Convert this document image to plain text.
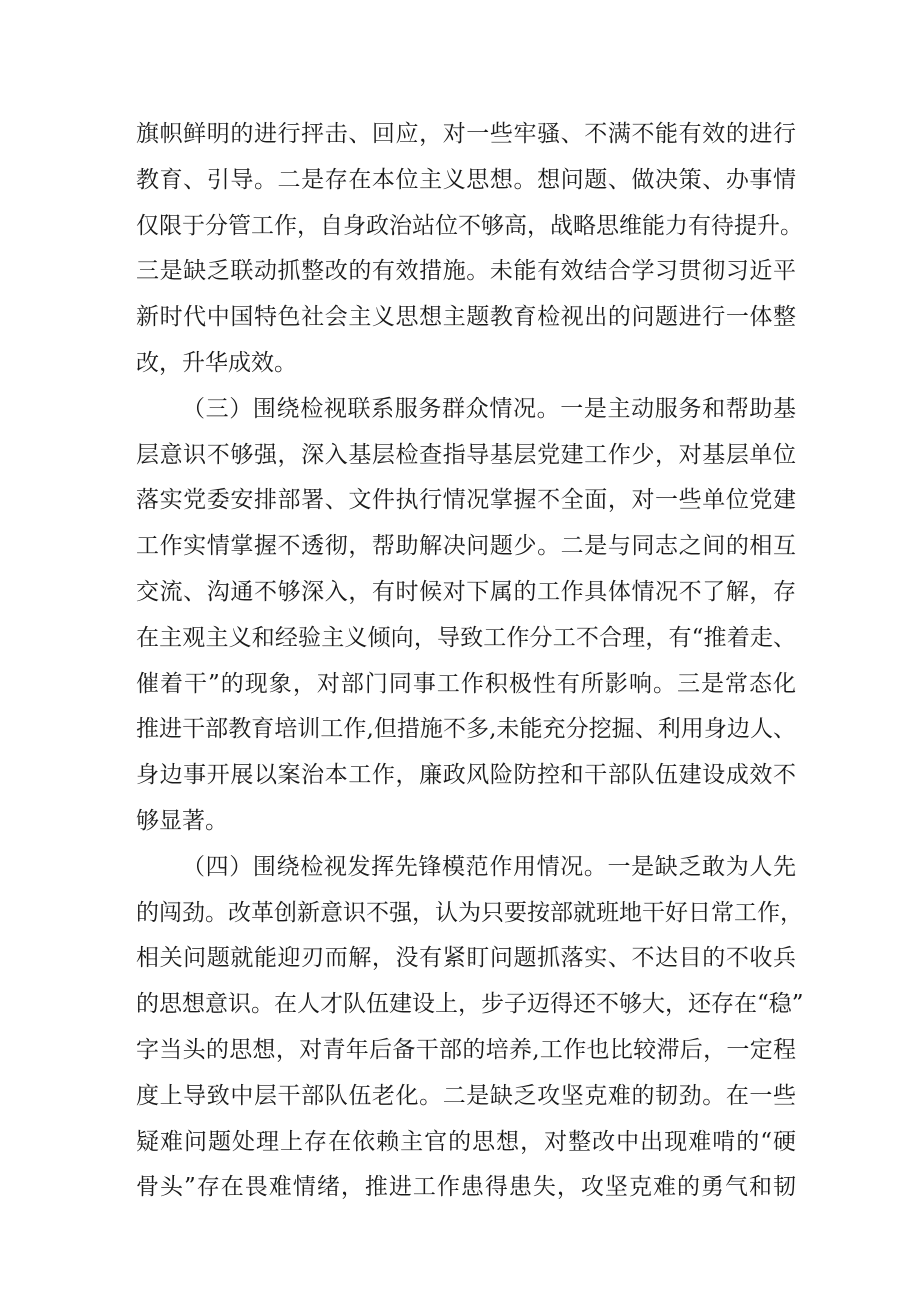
旗帜鲜明的进行抨击、回应，对一些牢骚、不满不能有效的进行
教育、引导。二是存在本位主义思想。想问题、做决策、办事情
仅限于分管工作，自身政治站位不够高，战略思维能力有待提升。
三是缺乏联动抓整改的有效措施。未能有效结合学习贯彻习近平
新时代中国特色社会主义思想主题教育检视出的问题进行一体整
改，升华成效。
（三）围绕检视联系服务群众情况。一是主动服务和帮助基
层意识不够强，深入基层检查指导基层党建工作少，对基层单位
落实党委安排部署、文件执行情况掌握不全面，对一些单位党建
工作实情掌握不透彻，帮助解决问题少。二是与同志之间的相互
交流、沟通不够深入，有时候对下属的工作具体情况不了解，存
在主观主义和经验主义倾向，导致工作分工不合理，有“推着走、
催着干”的现象，对部门同事工作积极性有所影响。三是常态化
推进干部教育培训工作,但措施不多,未能充分挖掘、利用身边人、
身边事开展以案治本工作，廉政风险防控和干部队伍建设成效不
够显著。
（四）围绕检视发挥先锋模范作用情况。一是缺乏敢为人先
的闯劲。改革创新意识不强，认为只要按部就班地干好日常工作，
相关问题就能迎刃而解，没有紧盯问题抓落实、不达目的不收兵
的思想意识。在人才队伍建设上，步子迈得还不够大，还存在“稳”
字当头的思想，对青年后备干部的培养,工作也比较滞后，一定程
度上导致中层干部队伍老化。二是缺乏攻坚克难的韧劲。在一些
疑难问题处理上存在依赖主官的思想，对整改中出现难啃的“硬
骨头”存在畏难情绪，推进工作患得患失，攻坚克难的勇气和韧
